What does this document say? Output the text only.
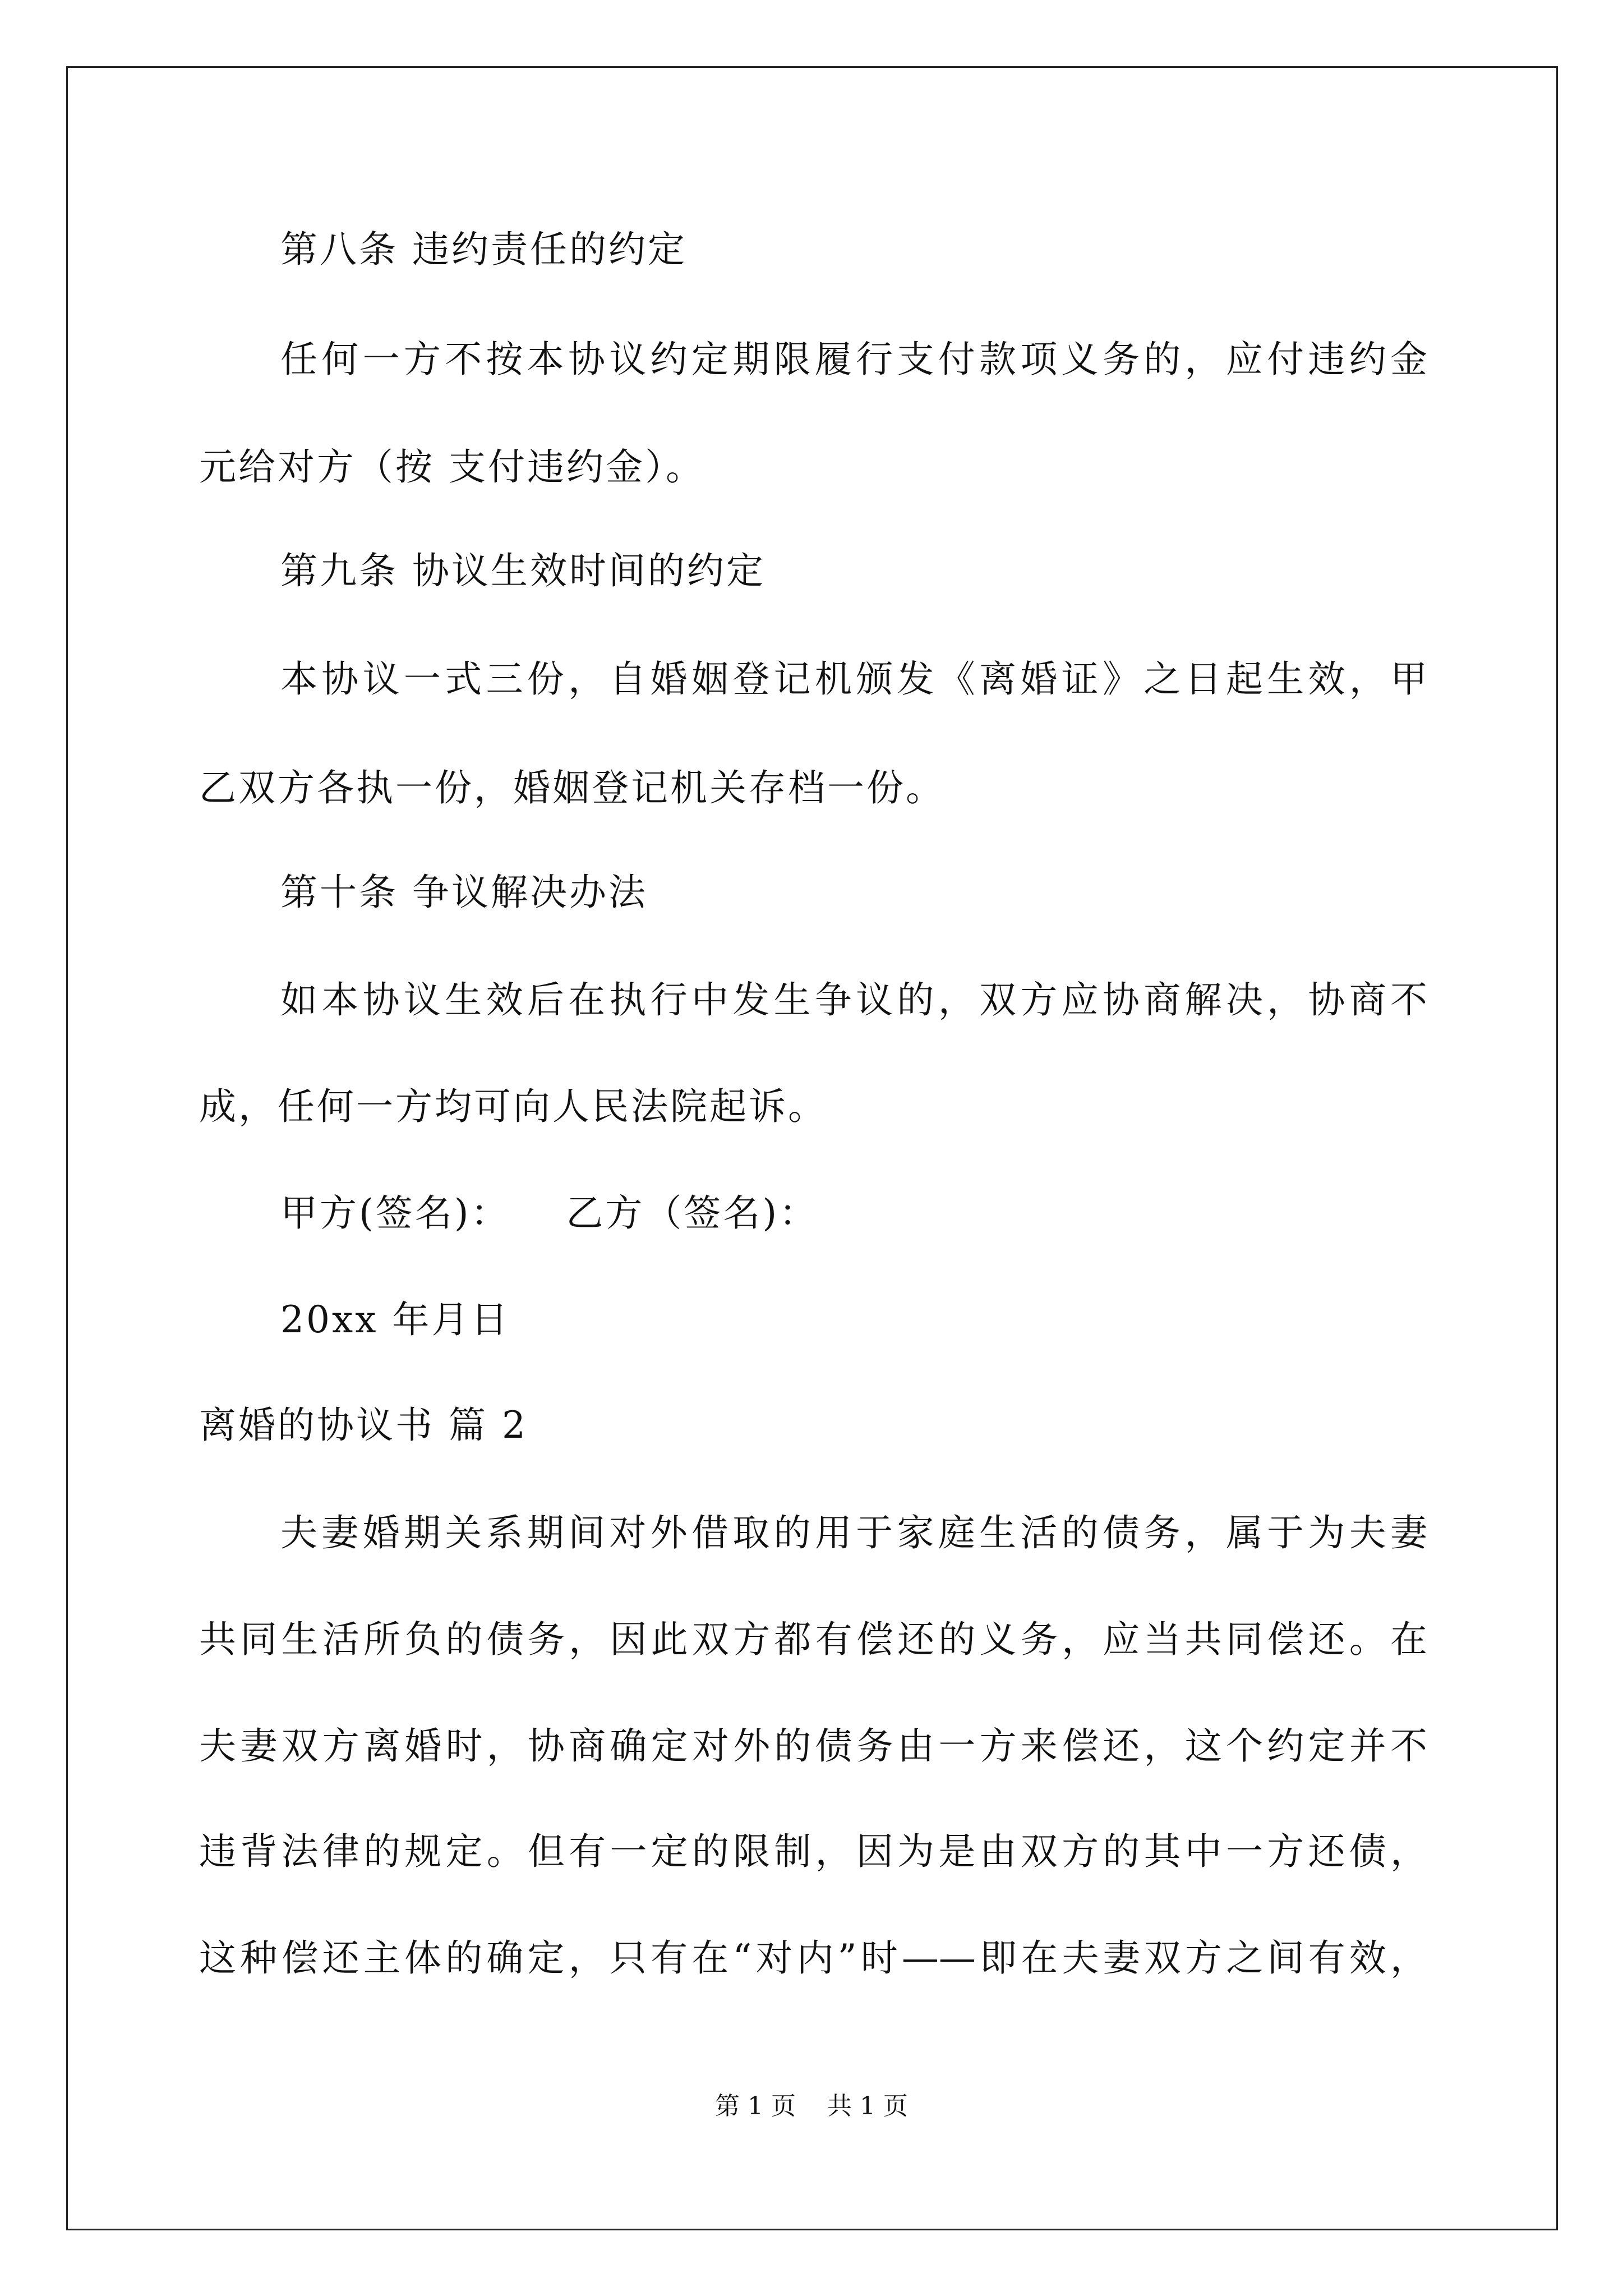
第八条 违约责任的约定
任何一方不按本协议约定期限履行支付款项义务的，应付违约金
元给对方（按 支付违约金）。
第九条 协议生效时间的约定
本协议一式三份，自婚姻登记机颁发《离婚证》之日起生效，甲
乙双方各执一份，婚姻登记机关存档一份。
第十条 争议解决办法
如本协议生效后在执行中发生争议的，双方应协商解决，协商不
成，任何一方均可向人民法院起诉。
甲方(签名)：    乙方（签名)：
20xx 年月日
离婚的协议书 篇 2
夫妻婚期关系期间对外借取的用于家庭生活的债务，属于为夫妻
共同生活所负的债务，因此双方都有偿还的义务，应当共同偿还。在
夫妻双方离婚时，协商确定对外的债务由一方来偿还，这个约定并不
违背法律的规定。但有一定的限制，因为是由双方的其中一方还债，
这种偿还主体的确定，只有在“对内”时——即在夫妻双方之间有效，
第 1 页    共 1 页
